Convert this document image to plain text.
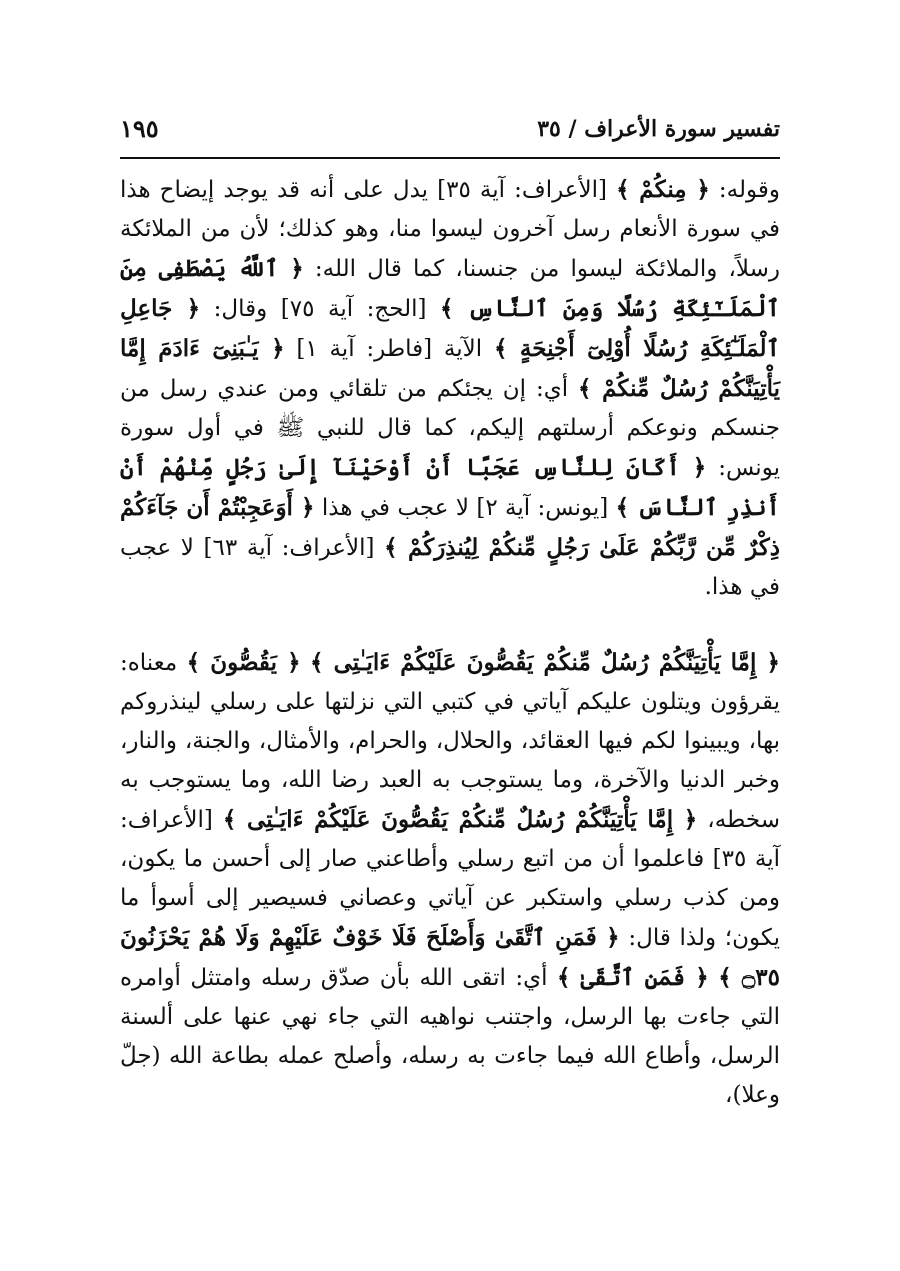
تفسير سورة الأعراف / ٣٥
١٩٥

وقوله: ﴿ مِنكُمْ ﴾ [الأعراف: آية ٣٥] يدل على أنه قد يوجد إيضاح هذا في سورة الأنعام رسل آخرون ليسوا منا، وهو كذلك؛ لأن من الملائكة رسلاً، والملائكة ليسوا من جنسنا، كما قال الله: ﴿ ٱللَّهُ يَصْطَفِى مِنَ ٱلْمَلَـٰٓئِكَةِ رُسُلًا وَمِنَ ٱلنَّاسِ ﴾ [الحج: آية ٧٥] وقال: ﴿ جَاعِلِ ٱلْمَلَـٰٓئِكَةِ رُسُلًا أُوْلِىٓ أَجْنِحَةٍ ﴾ الآية [فاطر: آية ١] ﴿ يَـٰبَنِىٓ ءَادَمَ إِمَّا يَأْتِيَنَّكُمْ رُسُلٌ مِّنكُمْ ﴾ أي: إن يجئكم من تلقائي ومن عندي رسل من جنسكم ونوعكم أرسلتهم إليكم، كما قال للنبي ﷺ في أول سورة يونس: ﴿ أَكَانَ لِلنَّاسِ عَجَبًا أَنْ أَوْحَيْنَآ إِلَىٰ رَجُلٍ مِّنْهُمْ أَنْ أَنذِرِ ٱلنَّاسَ ﴾ [يونس: آية ٢] لا عجب في هذا ﴿ أَوَعَجِبْتُمْ أَن جَآءَكُمْ ذِكْرٌ مِّن رَّبِّكُمْ عَلَىٰ رَجُلٍ مِّنكُمْ لِيُنذِرَكُمْ ﴾ [الأعراف: آية ٦٣] لا عجب في هذا.

﴿ إِمَّا يَأْتِيَنَّكُمْ رُسُلٌ مِّنكُمْ يَقُصُّونَ عَلَيْكُمْ ءَايَـٰتِى ﴾ ﴿ يَقُصُّونَ ﴾ معناه: يقرؤون ويتلون عليكم آياتي في كتبي التي نزلتها على رسلي لينذروكم بها، ويبينوا لكم فيها العقائد، والحلال، والحرام، والأمثال، والجنة، والنار، وخبر الدنيا والآخرة، وما يستوجب به العبد رضا الله، وما يستوجب به سخطه، ﴿ إِمَّا يَأْتِيَنَّكُمْ رُسُلٌ مِّنكُمْ يَقُصُّونَ عَلَيْكُمْ ءَايَـٰتِى ﴾ [الأعراف: آية ٣٥] فاعلموا أن من اتبع رسلي وأطاعني صار إلى أحسن ما يكون، ومن كذب رسلي واستكبر عن آياتي وعصاني فسيصير إلى أسوأ ما يكون؛ ولذا قال: ﴿ فَمَنِ ٱتَّقَىٰ وَأَصْلَحَ فَلَا خَوْفٌ عَلَيْهِمْ وَلَا هُمْ يَحْزَنُونَ ۝٣٥ ﴾ ﴿ فَمَنِ ٱتَّقَىٰ ﴾ أي: اتقى الله بأن صدّق رسله وامتثل أوامره التي جاءت بها الرسل، واجتنب نواهيه التي جاء نهي عنها على ألسنة الرسل، وأطاع الله فيما جاءت به رسله، وأصلح عمله بطاعة الله (جلّ وعلا)،
